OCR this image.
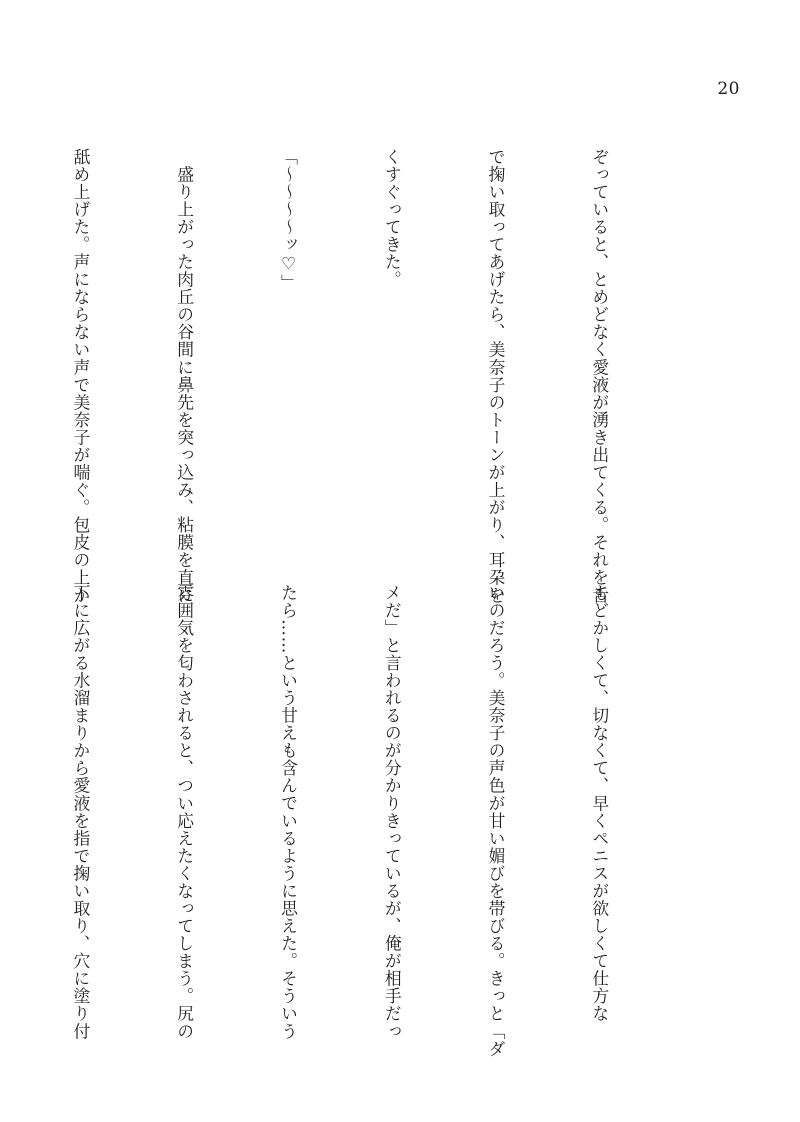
20

ぞっていると、とめどなく愛液が湧き出てくる。それを舌

で掬い取ってあげたら、美奈子のトーンが上がり、耳朶を

くすぐってきた。

「～～～～ッ♡」

　盛り上がった肉丘の谷間に鼻先を突っ込み、粘膜を直に

舐め上げた。声にならない声で美奈子が喘ぐ。包皮の上か

もどかしくて、切なくて、早くペニスが欲しくて仕方な

いのだろう。美奈子の声色が甘い媚びを帯びる。きっと「ダ

メだ」と言われるのが分かりきっているが、俺が相手だっ

たら……という甘えも含んでいるように思えた。そういう

雰囲気を匂わされると、つい応えたくなってしまう。尻の

下に広がる水溜まりから愛液を指で掬い取り、穴に塗り付
